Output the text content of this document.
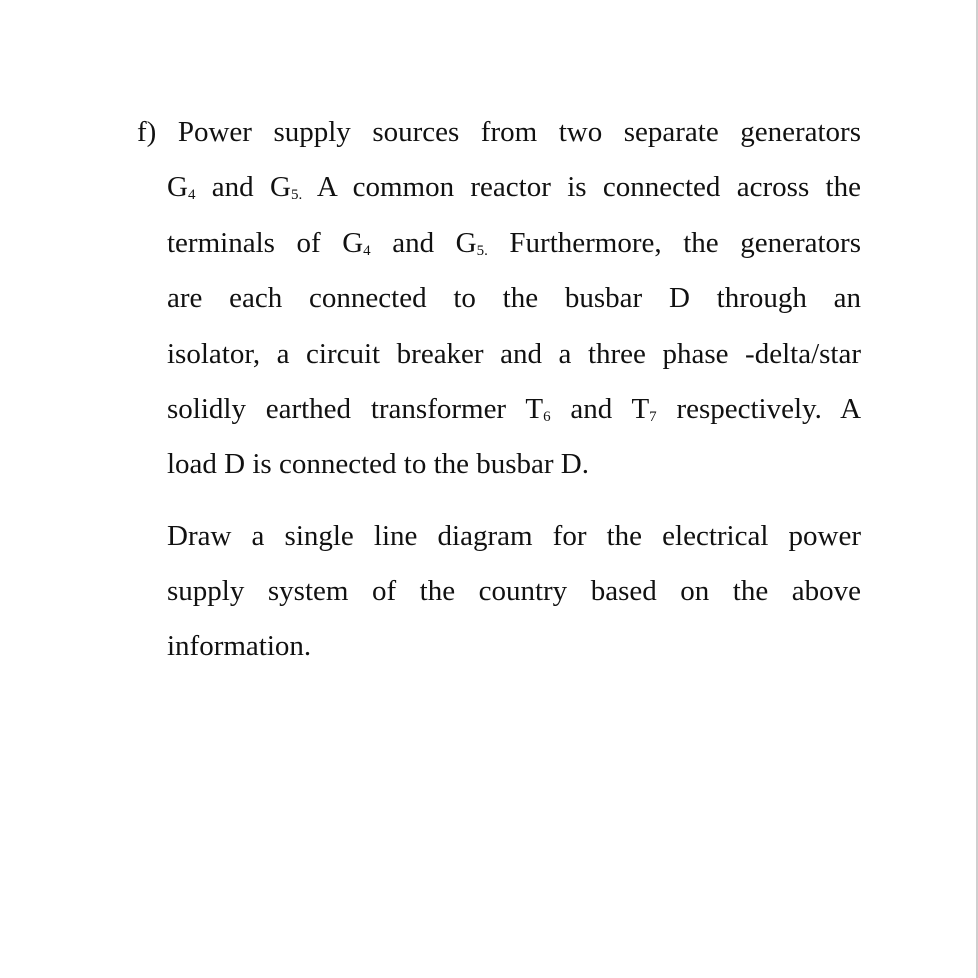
f) Power supply sources from two separate generators
$G_4$ and $G_{5.}$ A common reactor is connected across the
terminals of $G_4$ and $G_{5.}$ Furthermore, the generators
are each connected to the busbar D through an
isolator, a circuit breaker and a three phase -delta/star
solidly earthed transformer $T_6$ and $T_7$ respectively. A
load D is connected to the busbar D.
Draw a single line diagram for the electrical power
supply system of the country based on the above
information.
